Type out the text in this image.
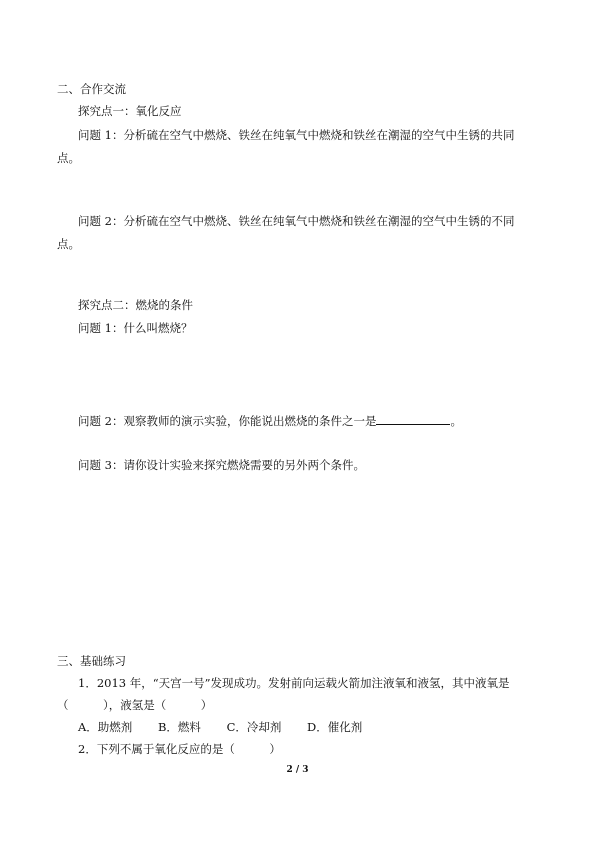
二、合作交流
探究点一：氧化反应
问题 1：分析硫在空气中燃烧、铁丝在纯氧气中燃烧和铁丝在潮湿的空气中生锈的共同
点。
问题 2：分析硫在空气中燃烧、铁丝在纯氧气中燃烧和铁丝在潮湿的空气中生锈的不同
点。
探究点二：燃烧的条件
问题 1：什么叫燃烧？
问题 2：观察教师的演示实验，你能说出燃烧的条件之一是	。
问题 3：请你设计实验来探究燃烧需要的另外两个条件。
三、基础练习
1．2013 年，“天宫一号”发现成功。发射前向运载火箭加注液氧和液氢，其中液氧是
（　　　），液氢是（　　　）
A．助燃剂 B．燃料 C．冷却剂 D．催化剂
2．下列不属于氧化反应的是（　　　）
2 / 3
